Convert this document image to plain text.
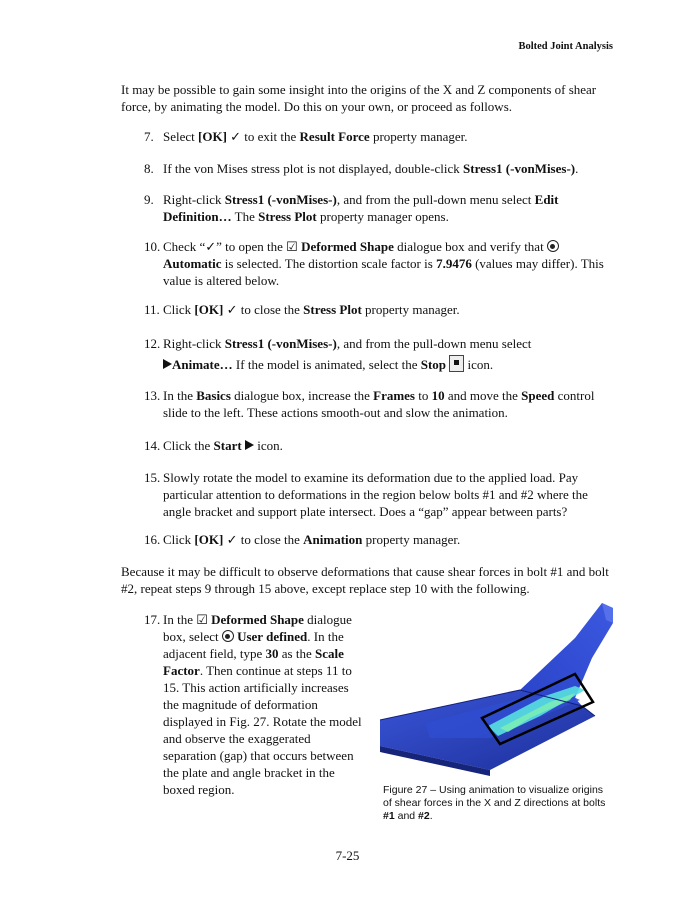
Bolted Joint Analysis
It may be possible to gain some insight into the origins of the X and Z components of shear force, by animating the model. Do this on your own, or proceed as follows.
7. Select [OK] ✓ to exit the Result Force property manager.
8. If the von Mises stress plot is not displayed, double-click Stress1 (-vonMises-).
9. Right-click Stress1 (-vonMises-), and from the pull-down menu select Edit Definition… The Stress Plot property manager opens.
10. Check “✓” to open the ☑ Deformed Shape dialogue box and verify that  Automatic is selected. The distortion scale factor is 7.9476 (values may differ). This value is altered below.
11. Click [OK] ✓ to close the Stress Plot property manager.
12. Right-click Stress1 (-vonMises-), and from the pull-down menu select
Animate… If the model is animated, select the Stop  icon.
13. In the Basics dialogue box, increase the Frames to 10 and move the Speed control slide to the left. These actions smooth-out and slow the animation.
14. Click the Start  icon.
15. Slowly rotate the model to examine its deformation due to the applied load. Pay particular attention to deformations in the region below bolts #1 and #2 where the angle bracket and support plate intersect. Does a “gap” appear between parts?
16. Click [OK] ✓ to close the Animation property manager.
Because it may be difficult to observe deformations that cause shear forces in bolt #1 and bolt #2, repeat steps 9 through 15 above, except replace step 10 with the following.
17. In the ☑ Deformed Shape dialogue box, select  User defined. In the adjacent field, type 30 as the Scale Factor. Then continue at steps 11 to 15. This action artificially increases the magnitude of deformation displayed in Fig. 27. Rotate the model and observe the exaggerated separation (gap) that occurs between the plate and angle bracket in the boxed region.	Figure 27 – Using animation to visualize origins of shear forces in the X and Z directions at bolts #1 and #2.
7-25
